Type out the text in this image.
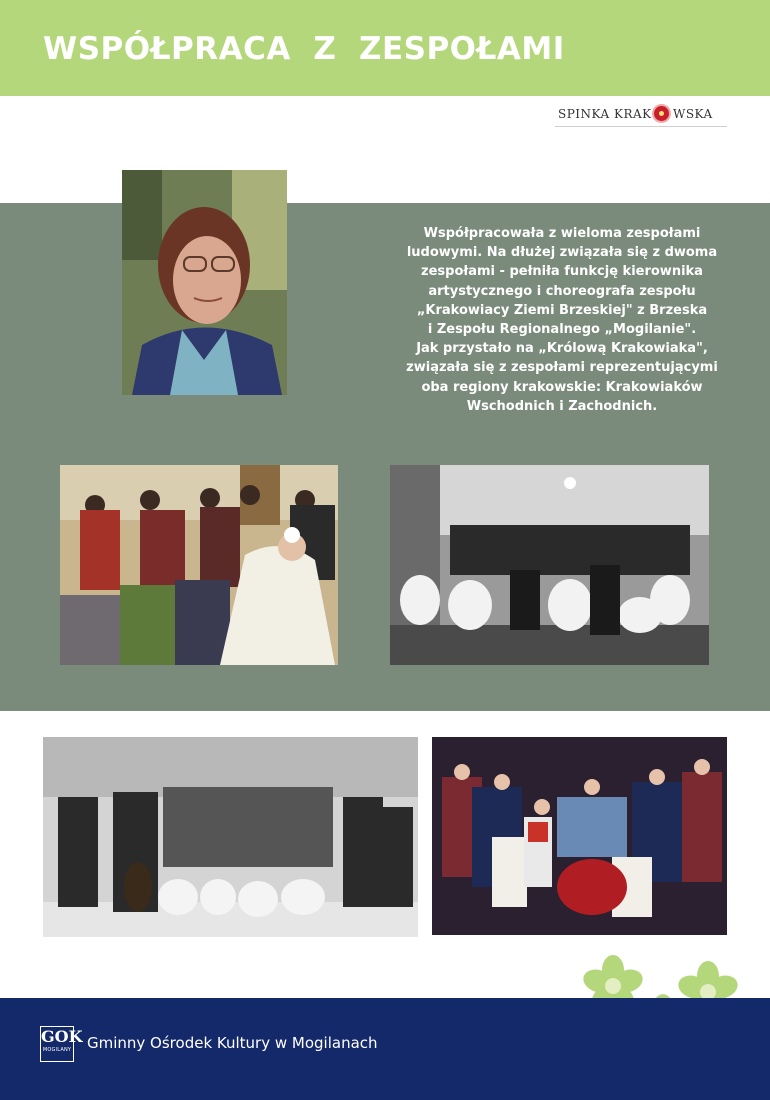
WSPÓŁPRACA  Z  ZESPOŁAMI
SPINKA KRAK WSKA
Współpracowała z wieloma zespołami
ludowymi. Na dłużej związała się z dwoma
zespołami - pełniła funkcję kierownika
artystycznego i choreografa zespołu
„Krakowiacy Ziemi Brzeskiej" z Brzeska
i Zespołu Regionalnego „Mogilanie".
Jak przystało na „Królową Krakowiaka",
związała się z zespołami reprezentującymi
oba regiony krakowskie: Krakowiaków
Wschodnich i Zachodnich.
GOK
MOGILANY Gminny Ośrodek Kultury w Mogilanach
